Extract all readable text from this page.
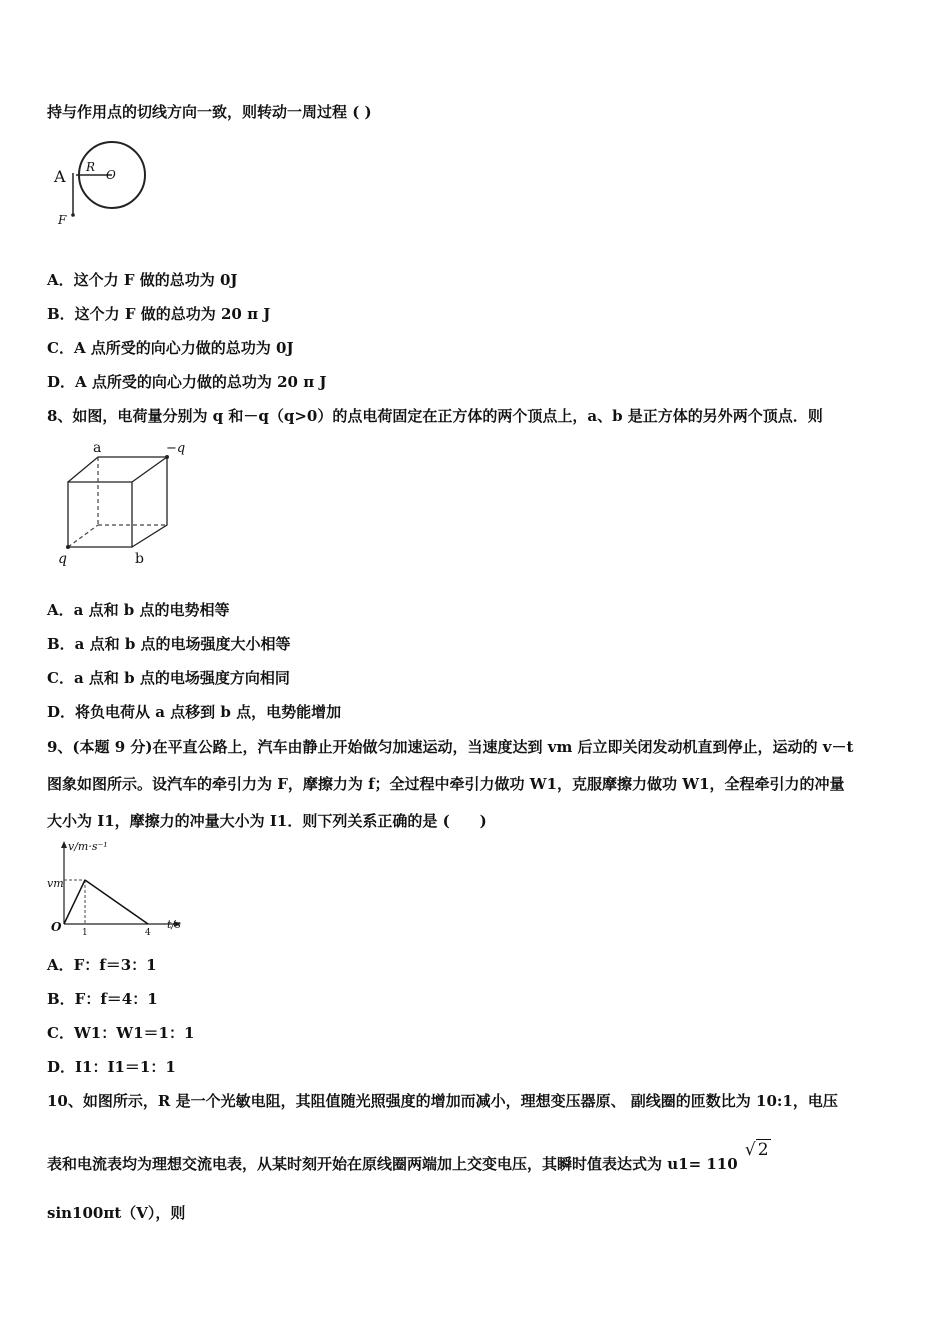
持与作用点的切线方向一致，则转动一周过程 ( )
A R
O
F
A．这个力 F 做的总功为 0J
B．这个力 F 做的总功为 20 π J
C．A 点所受的向心力做的总功为 0J
D．A 点所受的向心力做的总功为 20 π J
8、如图，电荷量分别为 q 和－q（q>0）的点电荷固定在正方体的两个顶点上，a、b 是正方体的另外两个顶点．则
a	−q
q	b
A．a 点和 b 点的电势相等
B．a 点和 b 点的电场强度大小相等
C．a 点和 b 点的电场强度方向相同
D．将负电荷从 a 点移到 b 点，电势能增加
9、(本题 9 分)在平直公路上，汽车由静止开始做匀加速运动，当速度达到 vm 后立即关闭发动机直到停止，运动的 v－t
图象如图所示。设汽车的牵引力为 F，摩擦力为 f；全过程中牵引力做功 W1，克服摩擦力做功 W1，全程牵引力的冲量
大小为 I1，摩擦力的冲量大小为 I1．则下列关系正确的是 (　　)
v/m·s⁻¹
vm
O	t/s
1	4
A．F：f＝3：1
B．F：f＝4：1
C．W1：W1＝1：1
D．I1：I1＝1：1
10、如图所示，R 是一个光敏电阻，其阻值随光照强度的增加而减小，理想变压器原、 副线圈的匝数比为 10:1，电压
表和电流表均为理想交流电表，从某时刻开始在原线圈两端加上交变电压，其瞬时值表达式为 u1= 110 √ 2
sin100πt（V），则
